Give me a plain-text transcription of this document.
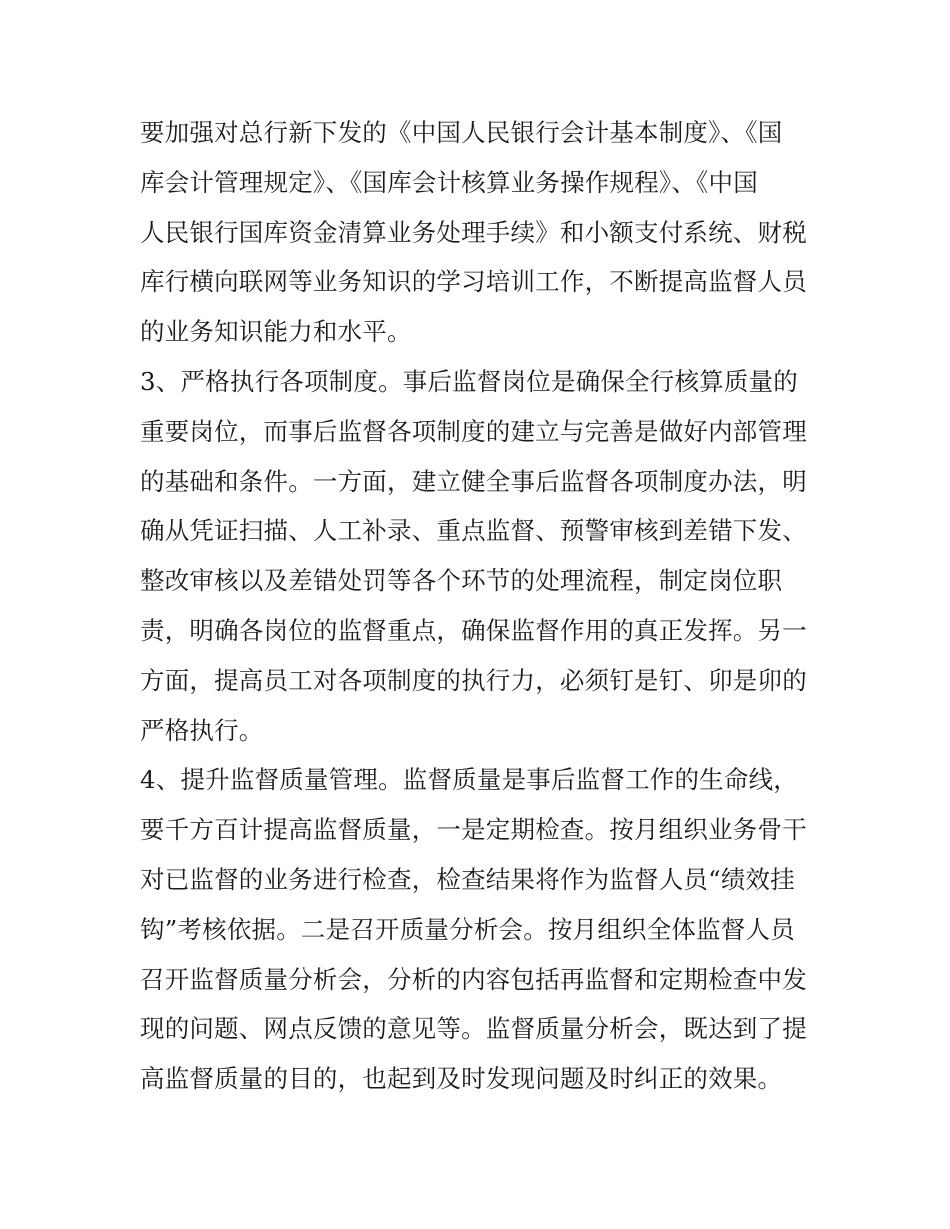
要加强对总行新下发的《中国人民银行会计基本制度》、《国
库会计管理规定》、《国库会计核算业务操作规程》、《中国
人民银行国库资金清算业务处理手续》和小额支付系统、财税
库行横向联网等业务知识的学习培训工作，不断提高监督人员
的业务知识能力和水平。
3、严格执行各项制度。事后监督岗位是确保全行核算质量的
重要岗位，而事后监督各项制度的建立与完善是做好内部管理
的基础和条件。一方面，建立健全事后监督各项制度办法，明
确从凭证扫描、人工补录、重点监督、预警审核到差错下发、
整改审核以及差错处罚等各个环节的处理流程，制定岗位职
责，明确各岗位的监督重点，确保监督作用的真正发挥。另一
方面，提高员工对各项制度的执行力，必须钉是钉、卯是卯的
严格执行。
4、提升监督质量管理。监督质量是事后监督工作的生命线，
要千方百计提高监督质量，一是定期检查。按月组织业务骨干
对已监督的业务进行检查，检查结果将作为监督人员“绩效挂
钩”考核依据。二是召开质量分析会。按月组织全体监督人员
召开监督质量分析会，分析的内容包括再监督和定期检查中发
现的问题、网点反馈的意见等。监督质量分析会，既达到了提
高监督质量的目的，也起到及时发现问题及时纠正的效果。
